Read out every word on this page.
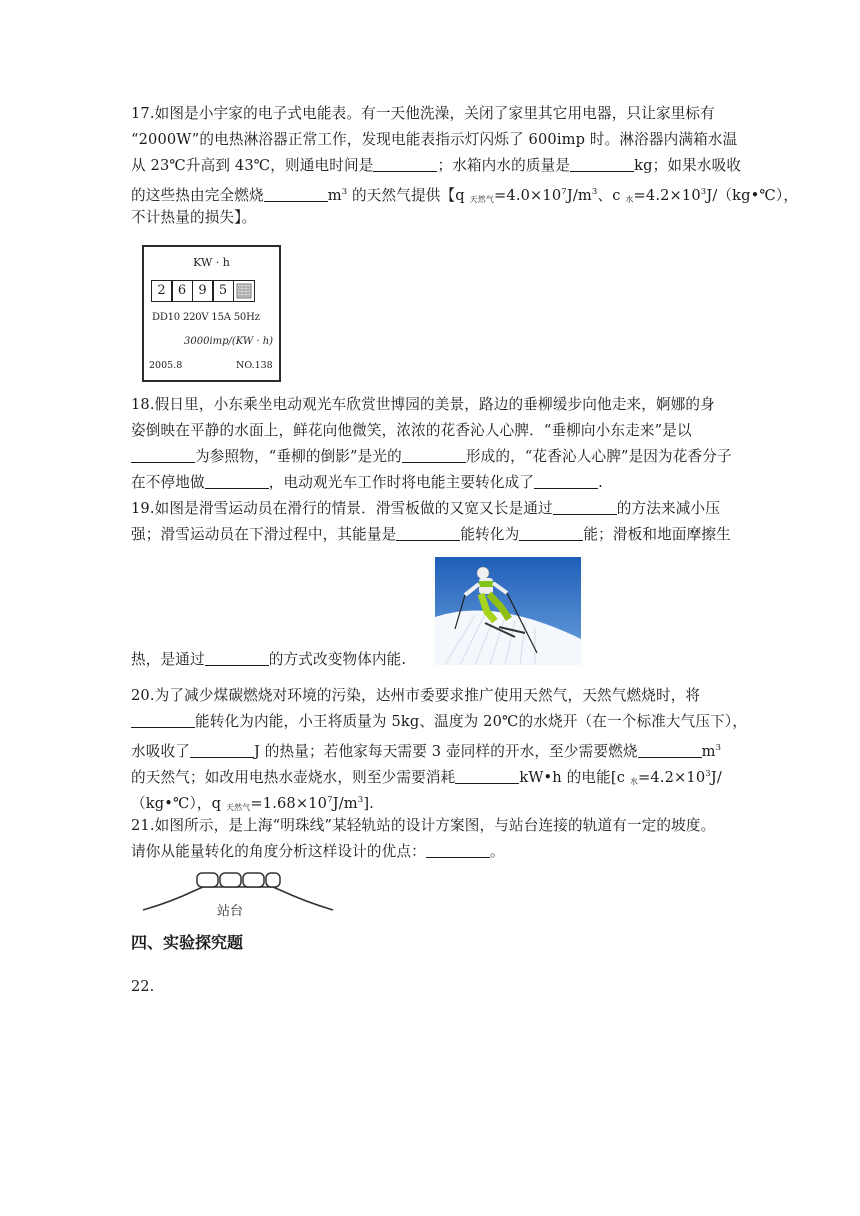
17.如图是小宇家的电子式电能表。有一天他洗澡，关闭了家里其它用电器，只让家里标有
“2000W”的电热淋浴器正常工作，发现电能表指示灯闪烁了 600imp 时。淋浴器内满箱水温
从 23℃升高到 43℃，则通电时间是	；水箱内水的质量是	kg；如果水吸收
的这些热由完全燃烧	$m^3$ 的天然气提供【q $_{天然气}=4.0\times 10^7J/m^3$、c $_水=4.2\times 10^3J/(kg•℃)$，
不计热量的损失】。
KW · h
2 6 9 5
DD10 220V 15A 50Hz
3000imp/(KW · h)
2005.8	NO.138
18.假日里，小东乘坐电动观光车欣赏世博园的美景，路边的垂柳缓步向他走来，婀娜的身
姿倒映在平静的水面上，鲜花向他微笑，浓浓的花香沁人心脾．“垂柳向小东走来”是以
为参照物，“垂柳的倒影”是光的	形成的，“花香沁人心脾”是因为花香分子
在不停地做	，电动观光车工作时将电能主要转化成了	.
19.如图是滑雪运动员在滑行的情景．滑雪板做的又宽又长是通过	的方法来减小压
强；滑雪运动员在下滑过程中，其能量是	能转化为	能；滑板和地面摩擦生
热，是通过	的方式改变物体内能.
20.为了减少煤碳燃烧对环境的污染，达州市委要求推广使用天然气，天然气燃烧时，将
能转化为内能，小王将质量为 5kg、温度为 20℃的水烧开（在一个标准大气压下），
水吸收了	J 的热量；若他家每天需要 3 壶同样的开水，至少需要燃烧	$m^3$
的天然气；如改用电热水壶烧水，则至少需要消耗	kW•h 的电能[c $_水=4.2\times 10^3J/$
（kg•℃），q $_{天然气}=1.68\times 10^7J/m^3$].
21.如图所示，是上海“明珠线”某轻轨站的设计方案图，与站台连接的轨道有一定的坡度。
请你从能量转化的角度分析这样设计的优点：	。
站台
四、实验探究题
22.
